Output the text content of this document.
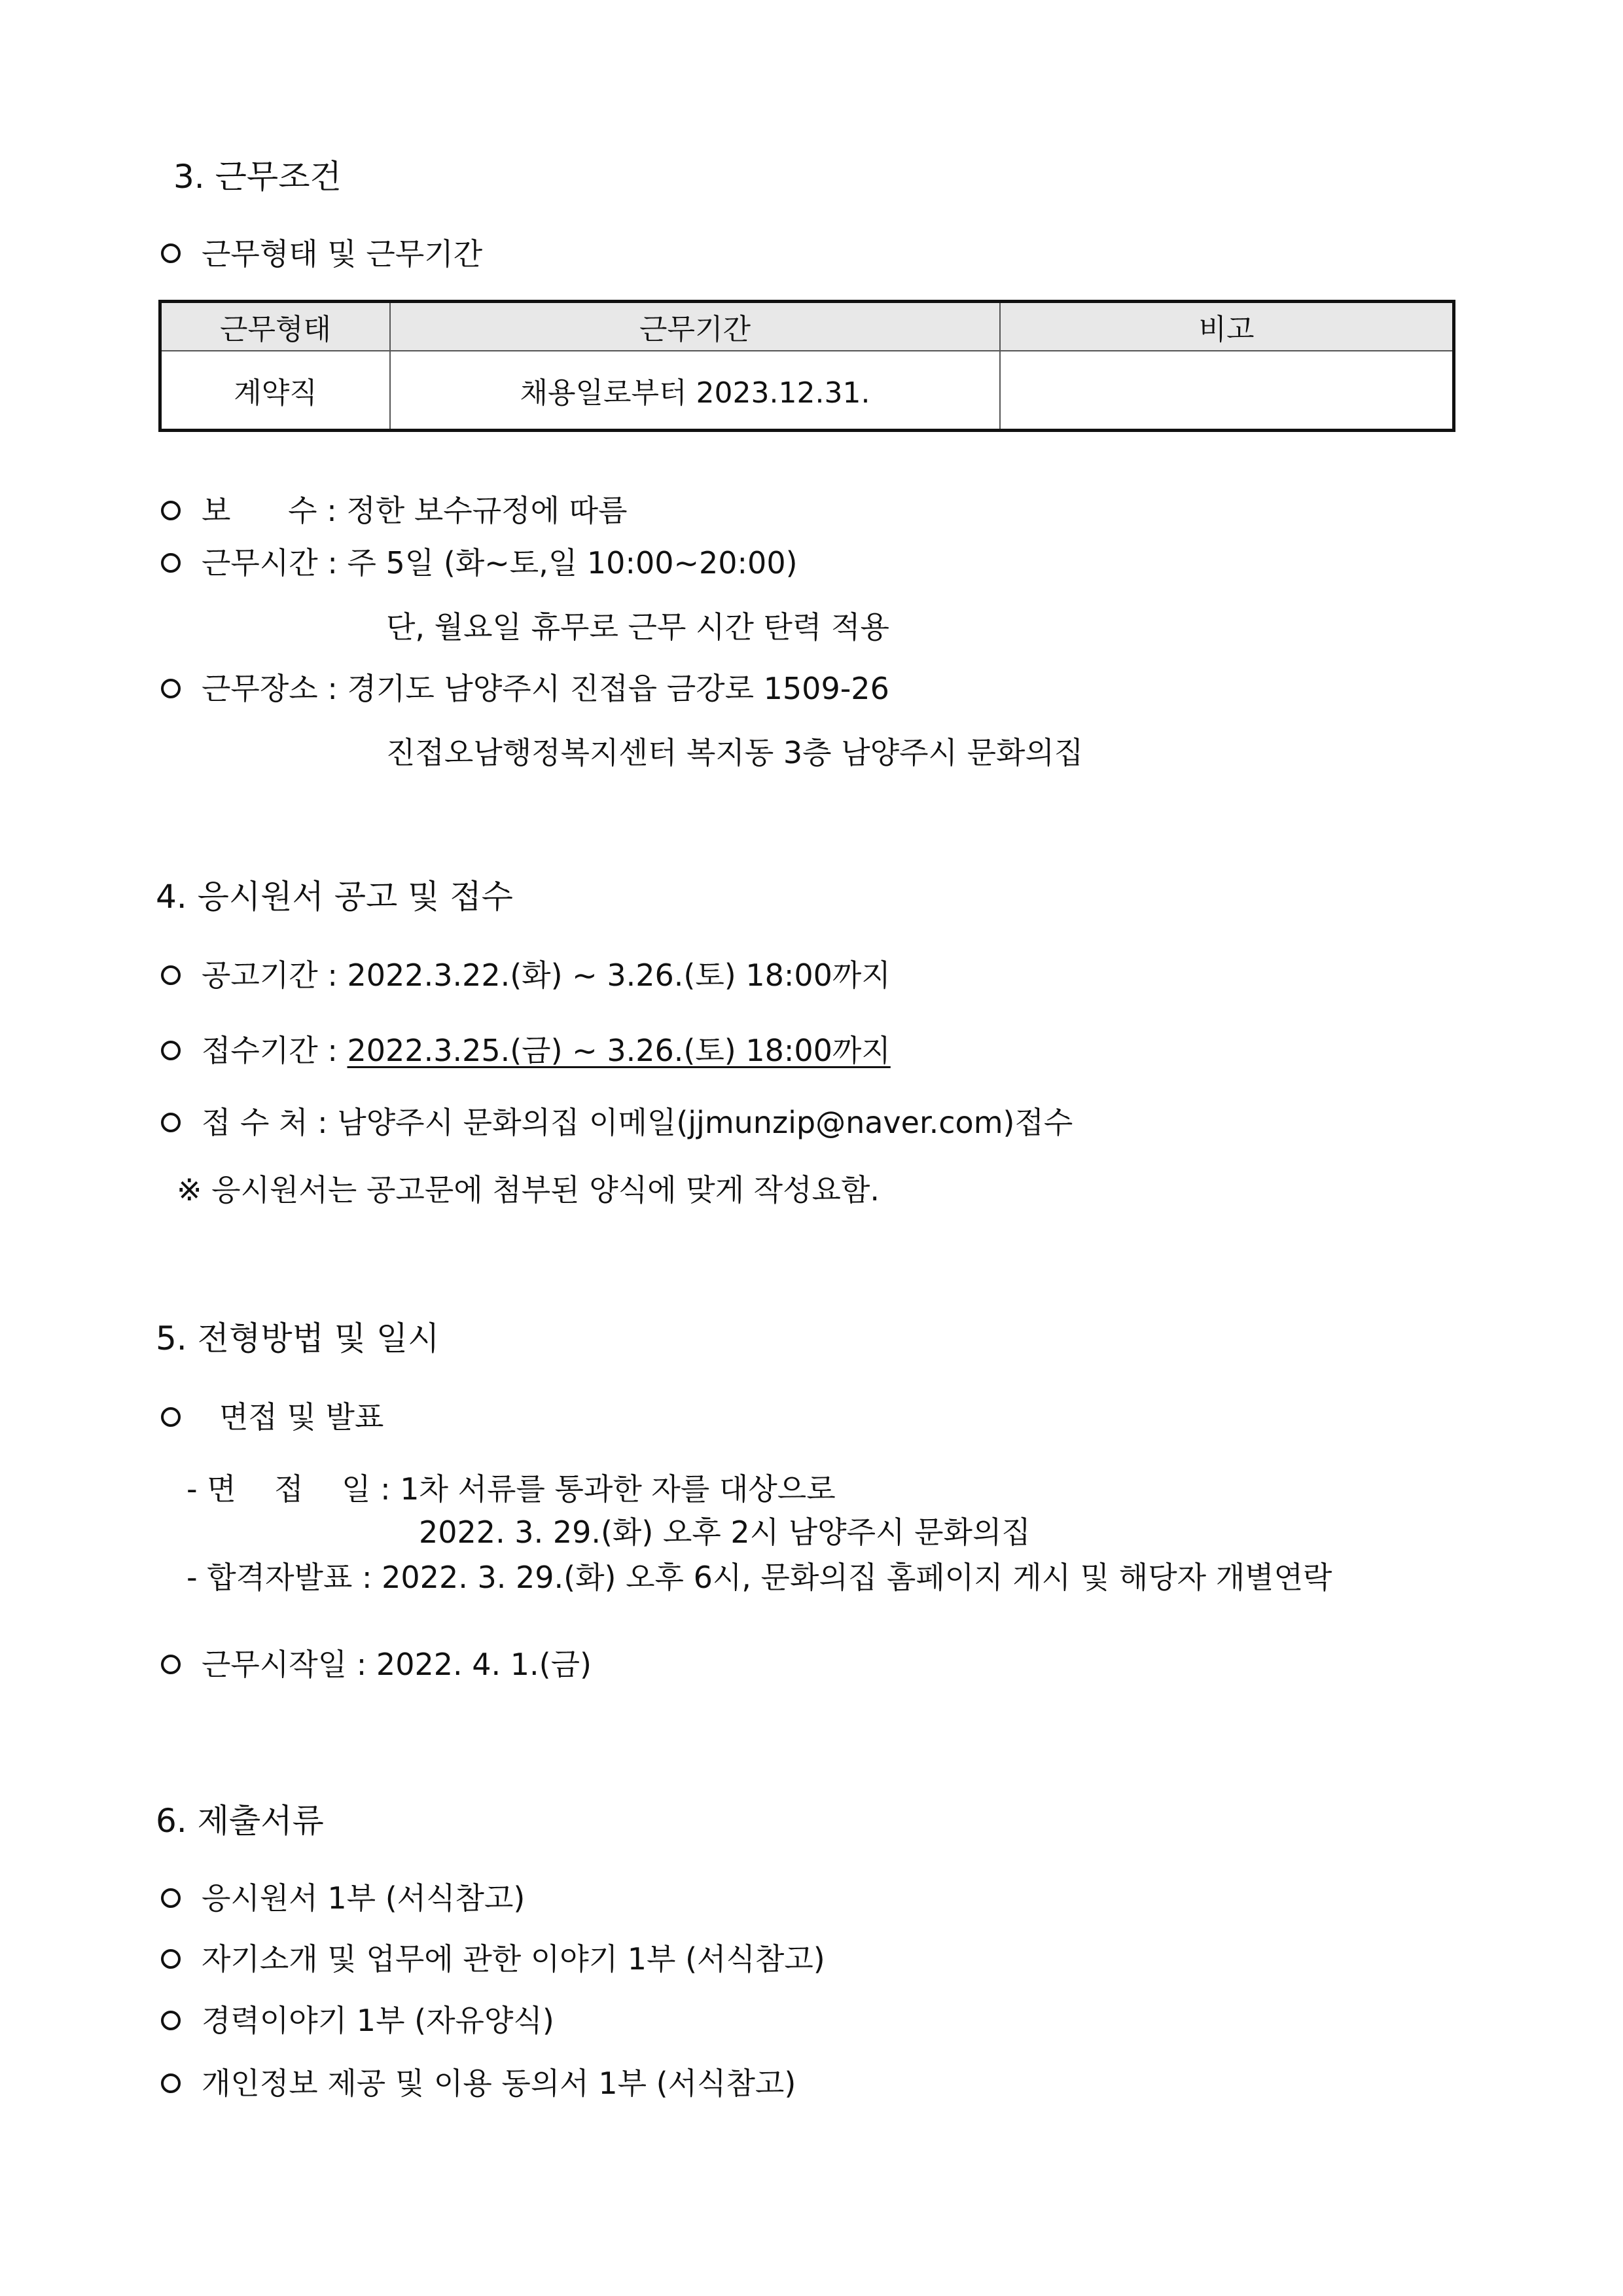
3. 근무조건
근무형태 및 근무기간
근무형태	근무기간	비고
계약직	채용일로부터 2023.12.31.	
보      수 : 정한 보수규정에 따름
근무시간 : 주 5일 (화~토,일 10:00~20:00)
단, 월요일 휴무로 근무 시간 탄력 적용
근무장소 : 경기도 남양주시 진접읍 금강로 1509-26
진접오남행정복지센터 복지동 3층 남양주시 문화의집
4. 응시원서 공고 및 접수
공고기간 : 2022.3.22.(화) ~ 3.26.(토) 18:00까지
접수기간 : 2022.3.25.(금) ~ 3.26.(토) 18:00까지
접 수 처 : 남양주시 문화의집 이메일(jjmunzip@naver.com)접수
※ 응시원서는 공고문에 첨부된 양식에 맞게 작성요함.
5. 전형방법 및 일시
면접 및 발표
- 면    접    일 : 1차 서류를 통과한 자를 대상으로
2022. 3. 29.(화) 오후 2시 남양주시 문화의집
- 합격자발표 : 2022. 3. 29.(화) 오후 6시, 문화의집 홈페이지 게시 및 해당자 개별연락
근무시작일 : 2022. 4. 1.(금)
6. 제출서류
응시원서 1부 (서식참고)
자기소개 및 업무에 관한 이야기 1부 (서식참고)
경력이야기 1부 (자유양식)
개인정보 제공 및 이용 동의서 1부 (서식참고)
